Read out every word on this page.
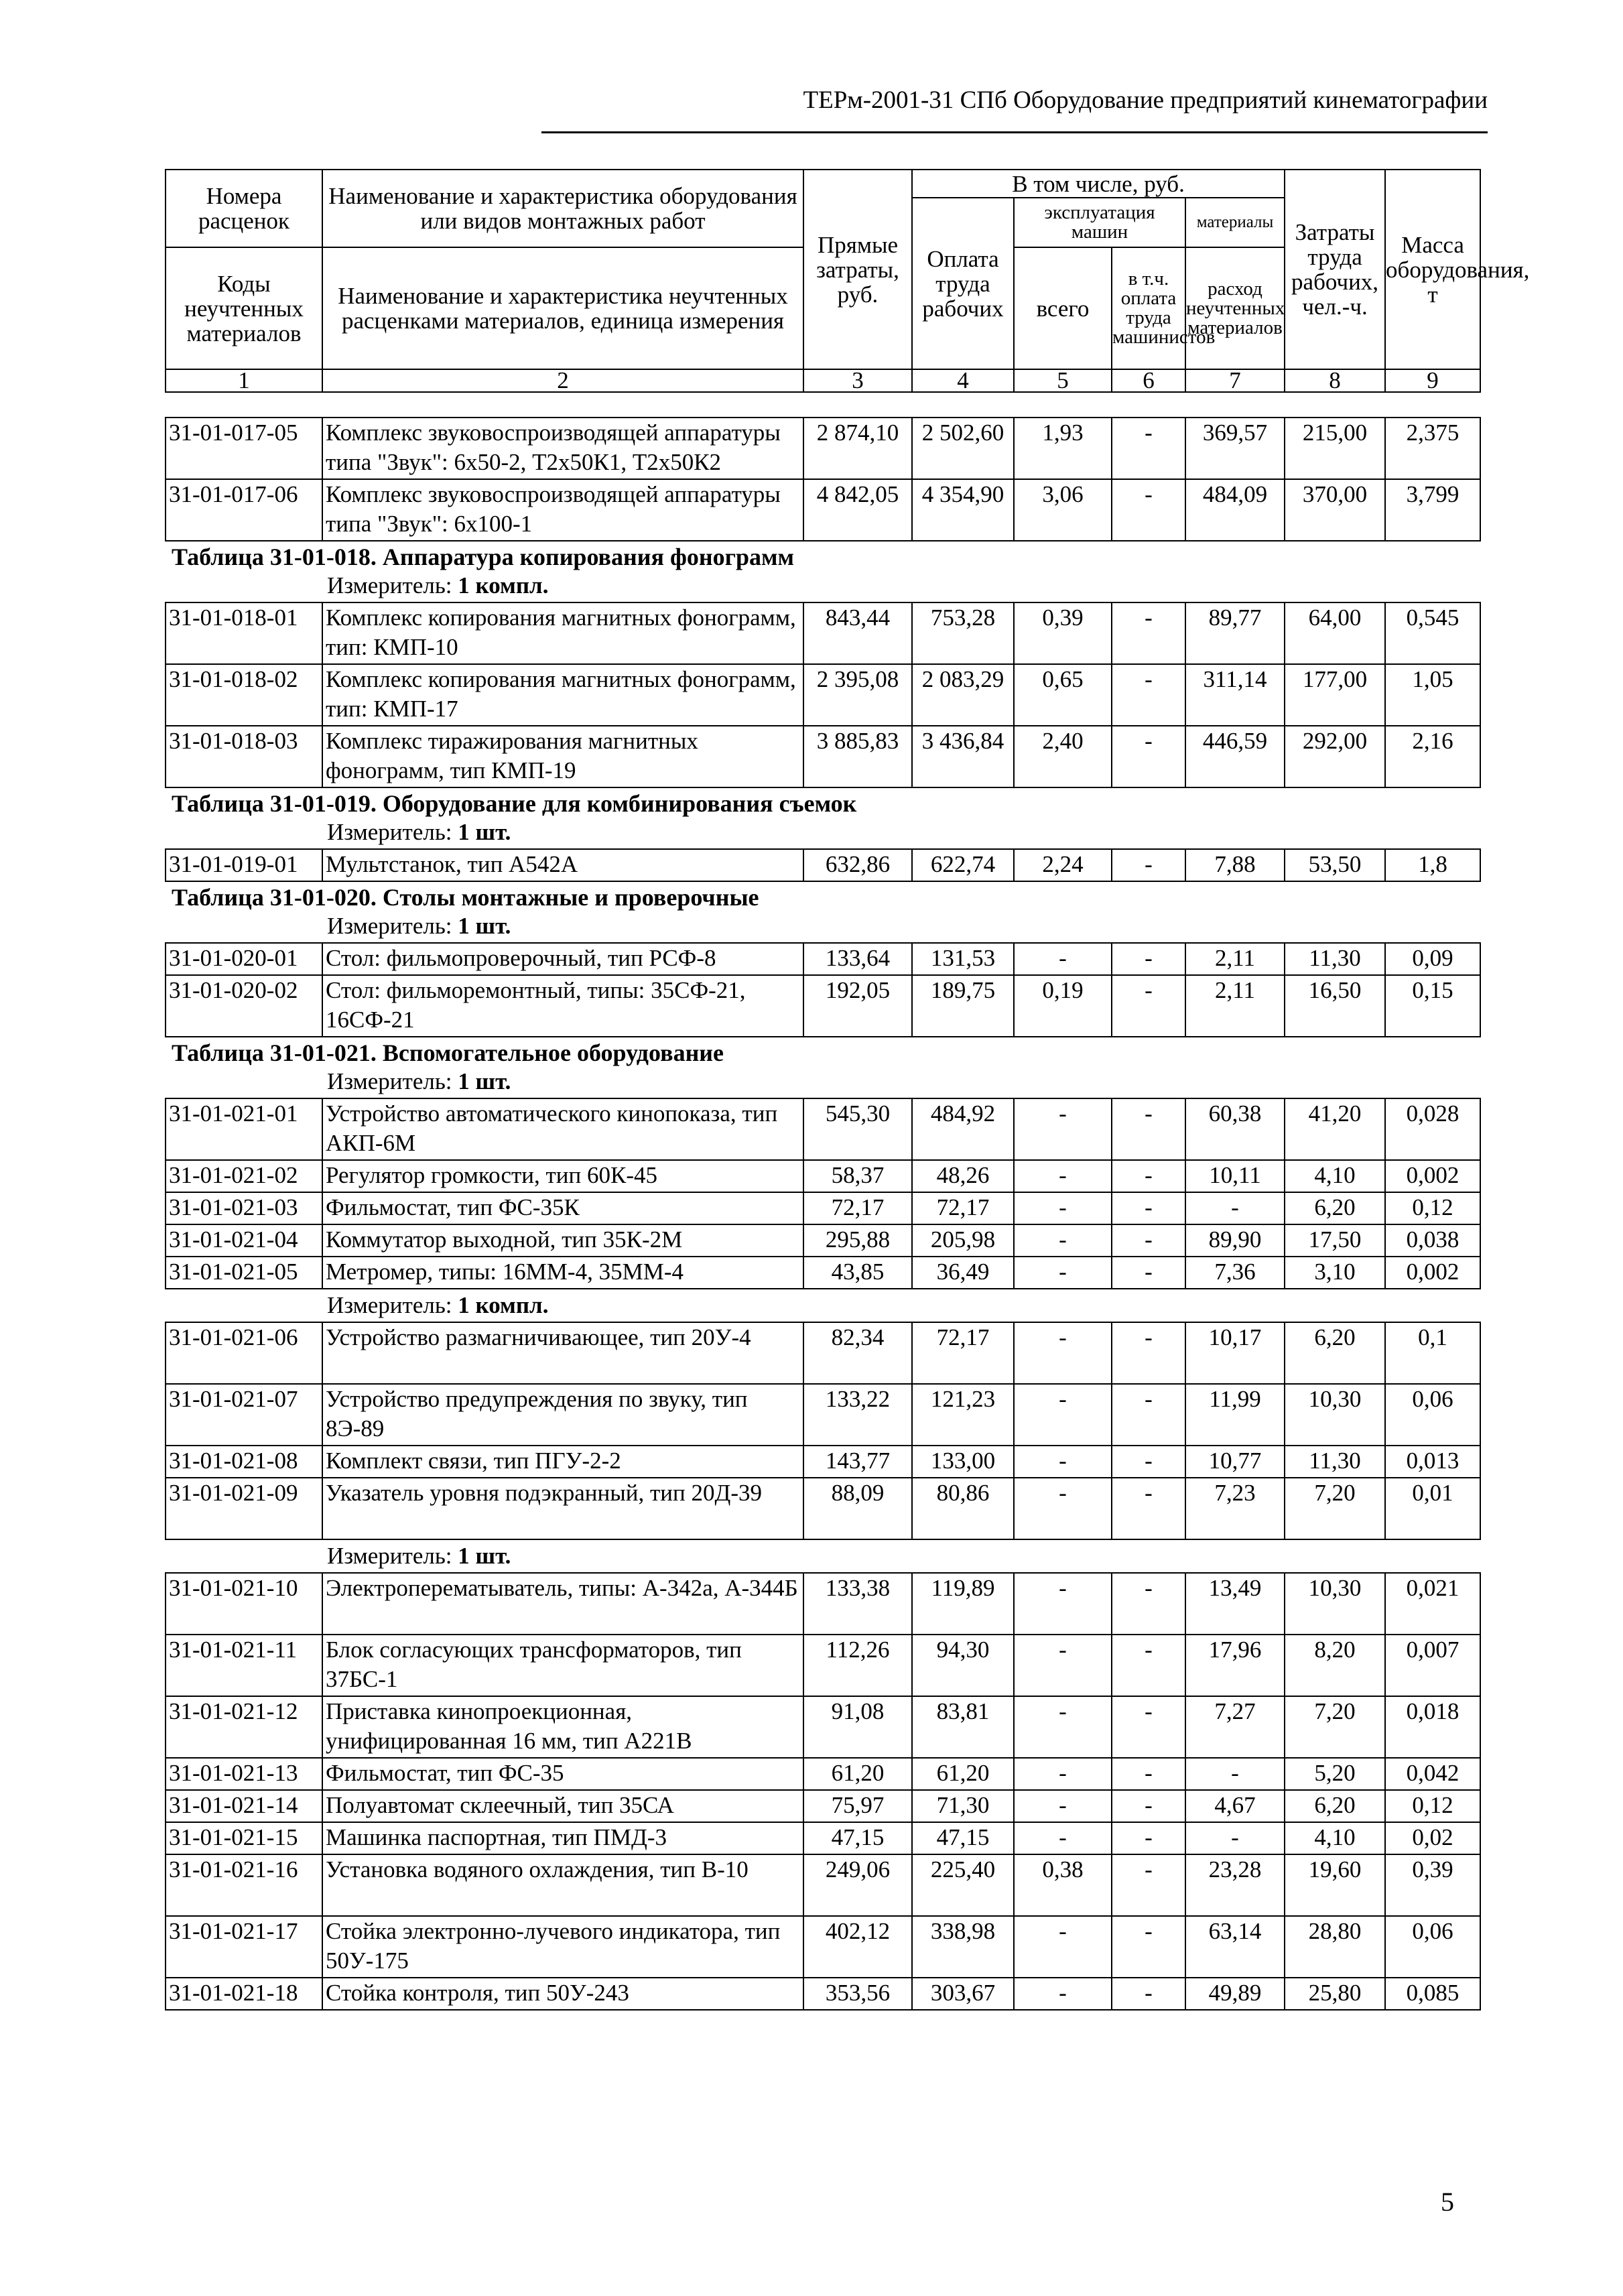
ТЕРм-2001-31 СПб Оборудование предприятий кинематографии
Номера расценок	Наименование и характеристика оборудования или видов монтажных работ	Прямые затраты, руб.	В том числе, руб.				Затраты труда рабочих, чел.-ч.	Масса оборудования, т
			Оплата труда рабочих	эксплуатация машин		материалы		

Коды неучтенных материалов	Наименование и характеристика неучтенных расценками материалов, единица измерения			всего	в т.ч. оплата труда машинистов	расход неучтенных материалов		

1	2	3	4	5	6	7	8	9
31-01-017-05	Комплекс звуковоспроизводящей аппаратуры типа "Звук": 6х50-2, Т2х50К1, Т2х50К2	2 874,10	2 502,60	1,93	-	369,57	215,00	2,375
31-01-017-06	Комплекс звуковоспроизводящей аппаратуры типа "Звук": 6х100-1	4 842,05	4 354,90	3,06	-	484,09	370,00	3,799
Таблица 31-01-018. Аппаратура копирования фонограмм
Измеритель: 1 компл.
31-01-018-01	Комплекс копирования магнитных фонограмм, тип: КМП-10	843,44	753,28	0,39	-	89,77	64,00	0,545
31-01-018-02	Комплекс копирования магнитных фонограмм, тип: КМП-17	2 395,08	2 083,29	0,65	-	311,14	177,00	1,05
31-01-018-03	Комплекс тиражирования магнитных фонограмм, тип КМП-19	3 885,83	3 436,84	2,40	-	446,59	292,00	2,16
Таблица 31-01-019. Оборудование для комбинирования съемок
Измеритель: 1 шт.
31-01-019-01	Мультстанок, тип А542А	632,86	622,74	2,24	-	7,88	53,50	1,8
Таблица 31-01-020. Столы монтажные и проверочные
Измеритель: 1 шт.
31-01-020-01	Стол: фильмопроверочный, тип РСФ-8	133,64	131,53	-	-	2,11	11,30	0,09
31-01-020-02	Стол: фильморемонтный, типы: 35СФ-21, 16СФ-21	192,05	189,75	0,19	-	2,11	16,50	0,15
Таблица 31-01-021. Вспомогательное оборудование
Измеритель: 1 шт.
31-01-021-01	Устройство автоматического кинопоказа, тип АКП-6М	545,30	484,92	-	-	60,38	41,20	0,028
31-01-021-02	Регулятор громкости, тип 60К-45	58,37	48,26	-	-	10,11	4,10	0,002
31-01-021-03	Фильмостат, тип ФС-35К	72,17	72,17	-	-	-	6,20	0,12
31-01-021-04	Коммутатор выходной, тип 35К-2М	295,88	205,98	-	-	89,90	17,50	0,038
31-01-021-05	Метромер, типы: 16ММ-4, 35ММ-4	43,85	36,49	-	-	7,36	3,10	0,002
Измеритель: 1 компл.
31-01-021-06	Устройство размагничивающее, тип 20У-4	82,34	72,17	-	-	10,17	6,20	0,1
31-01-021-07	Устройство предупреждения по звуку, тип 8Э-89	133,22	121,23	-	-	11,99	10,30	0,06
31-01-021-08	Комплект связи, тип ПГУ-2-2	143,77	133,00	-	-	10,77	11,30	0,013
31-01-021-09	Указатель уровня подэкранный, тип 20Д-39	88,09	80,86	-	-	7,23	7,20	0,01
Измеритель: 1 шт.
31-01-021-10	Электроперематыватель, типы: А-342а, А-344Б	133,38	119,89	-	-	13,49	10,30	0,021
31-01-021-11	Блок согласующих трансформаторов, тип 37БС-1	112,26	94,30	-	-	17,96	8,20	0,007
31-01-021-12	Приставка кинопроекционная, унифицированная 16 мм, тип А221В	91,08	83,81	-	-	7,27	7,20	0,018
31-01-021-13	Фильмостат, тип ФС-35	61,20	61,20	-	-	-	5,20	0,042
31-01-021-14	Полуавтомат склеечный, тип 35СА	75,97	71,30	-	-	4,67	6,20	0,12
31-01-021-15	Машинка паспортная, тип ПМД-3	47,15	47,15	-	-	-	4,10	0,02
31-01-021-16	Установка водяного охлаждения, тип В-10	249,06	225,40	0,38	-	23,28	19,60	0,39
31-01-021-17	Стойка электронно-лучевого индикатора, тип 50У-175	402,12	338,98	-	-	63,14	28,80	0,06
31-01-021-18	Стойка контроля, тип 50У-243	353,56	303,67	-	-	49,89	25,80	0,085
5
